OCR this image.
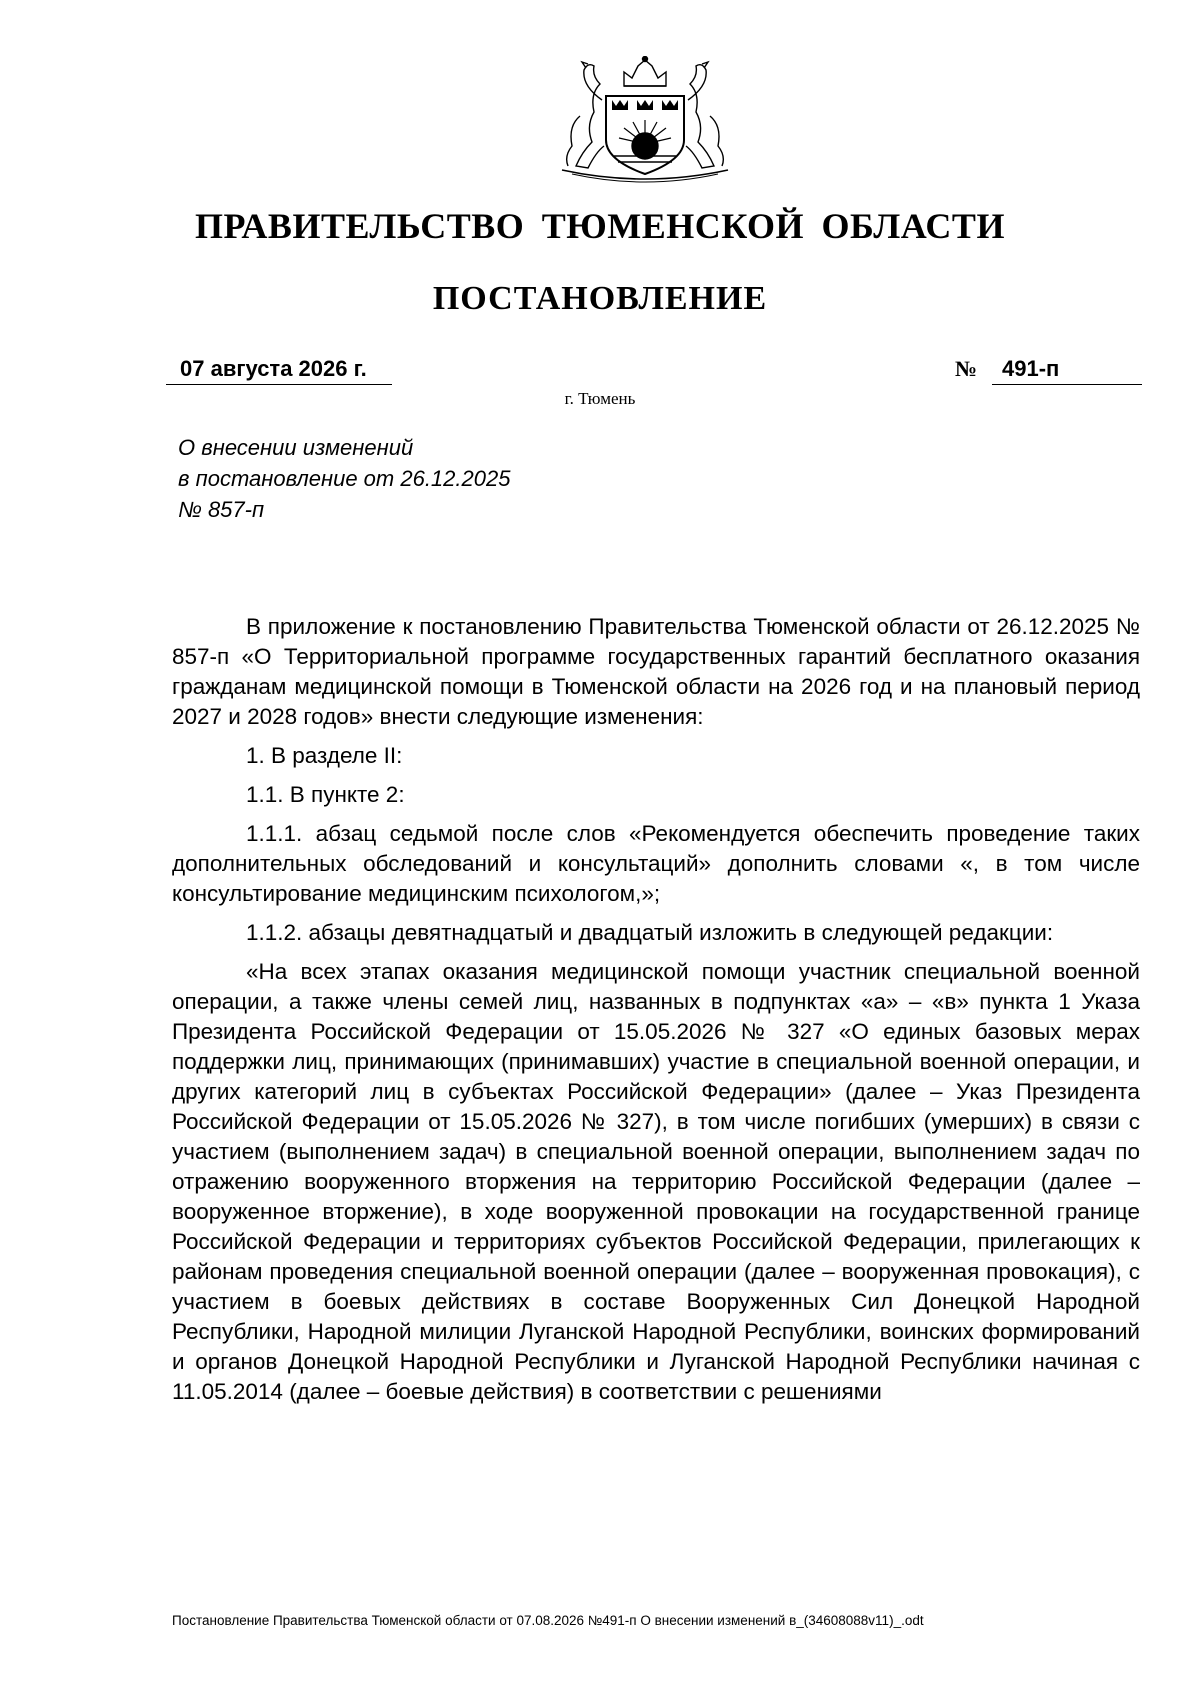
ПРАВИТЕЛЬСТВО ТЮМЕНСКОЙ ОБЛАСТИ
ПОСТАНОВЛЕНИЕ
07 августа 2026 г.	№ 491-п
г. Тюмень
О внесении изменений
в постановление от 26.12.2025
№ 857-п

В приложение к постановлению Правительства Тюменской области от 26.12.2025 № 857-п «О Территориальной программе государственных гарантий бесплатного оказания гражданам медицинской помощи в Тюменской области на 2026 год и на плановый период 2027 и 2028 годов» внести следующие изменения:

1. В разделе II:

1.1. В пункте 2:

1.1.1. абзац седьмой после слов «Рекомендуется обеспечить проведение таких дополнительных обследований и консультаций» дополнить словами «, в том числе консультирование медицинским психологом,»;

1.1.2. абзацы девятнадцатый и двадцатый изложить в следующей редакции:

«На всех этапах оказания медицинской помощи участник специальной военной операции, а также члены семей лиц, названных в подпунктах «а» – «в» пункта 1 Указа Президента Российской Федерации от 15.05.2026 № 327 «О единых базовых мерах поддержки лиц, принимающих (принимавших) участие в специальной военной операции, и других категорий лиц в субъектах Российской Федерации» (далее – Указ Президента Российской Федерации от 15.05.2026 № 327), в том числе погибших (умерших) в связи с участием (выполнением задач) в специальной военной операции, выполнением задач по отражению вооруженного вторжения на территорию Российской Федерации (далее – вооруженное вторжение), в ходе вооруженной провокации на государственной границе Российской Федерации и территориях субъектов Российской Федерации, прилегающих к районам проведения специальной военной операции (далее – вооруженная провокация), с участием в боевых действиях в составе Вооруженных Сил Донецкой Народной Республики, Народной милиции Луганской Народной Республики, воинских формирований и органов Донецкой Народной Республики и Луганской Народной Республики начиная с 11.05.2014 (далее – боевые действия) в соответствии с решениями

Постановление Правительства Тюменской области от 07.08.2026 №491-п О внесении изменений в_(34608088v11)_.odt
